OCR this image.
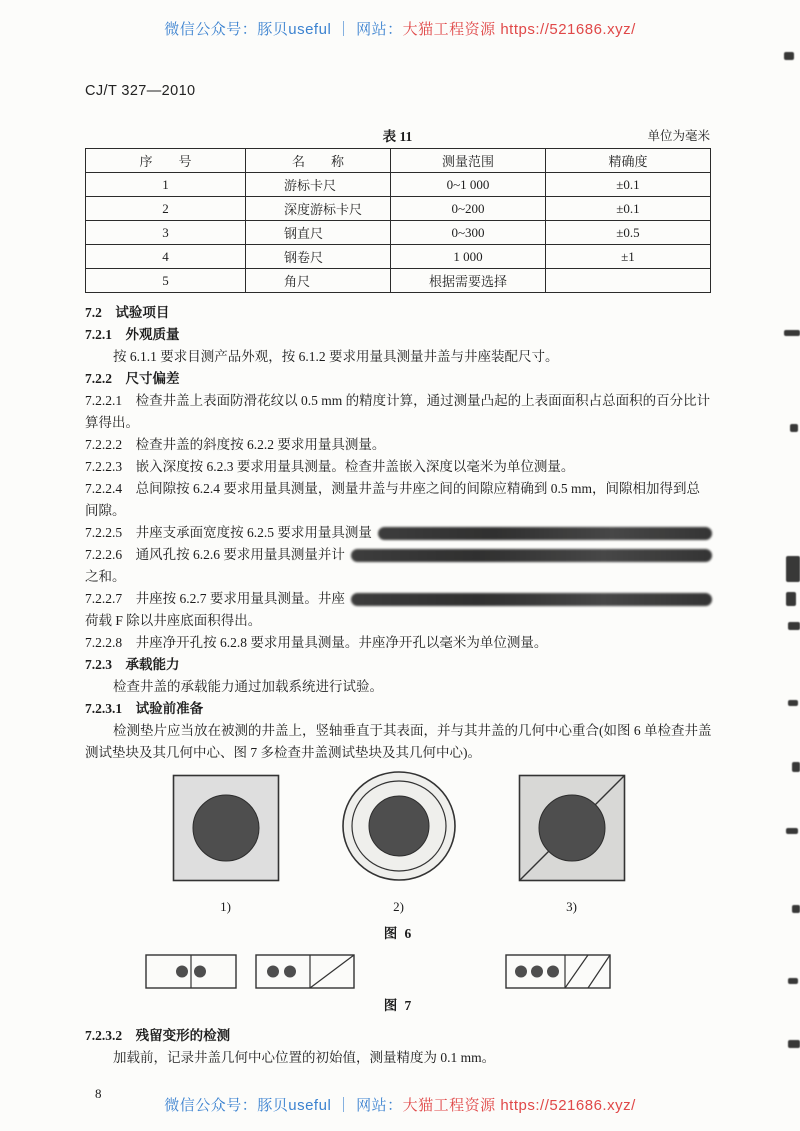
微信公众号：豚贝useful ｜ 网站：大猫工程资源 https://521686.xyz/
CJ/T 327—2010
表 11	单位为毫米
序　　号	名　　称	测量范围	精确度
1	游标卡尺	0~1 000	±0.1
2	深度游标卡尺	0~200	±0.1
3	钢直尺	0~300	±0.5
4	钢卷尺	1 000	±1
5	角尺	根据需要选择	
7.2　试验项目
7.2.1　外观质量
按 6.1.1 要求目测产品外观，按 6.1.2 要求用量具测量井盖与井座装配尺寸。
7.2.2　尺寸偏差
7.2.2.1　检查井盖上表面防滑花纹以 0.5 mm 的精度计算，通过测量凸起的上表面面积占总面积的百分比计算得出。
7.2.2.2　检查井盖的斜度按 6.2.2 要求用量具测量。
7.2.2.3　嵌入深度按 6.2.3 要求用量具测量。检查井盖嵌入深度以毫米为单位测量。
7.2.2.4　总间隙按 6.2.4 要求用量具测量，测量井盖与井座之间的间隙应精确到 0.5 mm，间隙相加得到总间隙。
7.2.2.5　井座支承面宽度按 6.2.5 要求用量具测量
7.2.2.6　通风孔按 6.2.6 要求用量具测量并计
之和。
7.2.2.7　井座按 6.2.7 要求用量具测量。井座
荷载 F 除以井座底面积得出。
7.2.2.8　井座净开孔按 6.2.8 要求用量具测量。井座净开孔以毫米为单位测量。
7.2.3　承载能力
检查井盖的承载能力通过加载系统进行试验。
7.2.3.1　试验前准备
检测垫片应当放在被测的井盖上，竖轴垂直于其表面，并与其井盖的几何中心重合(如图 6 单检查井盖测试垫块及其几何中心、图 7 多检查井盖测试垫块及其几何中心)。
1)	2)	3)
图 6
图 7
7.2.3.2　残留变形的检测
加载前，记录井盖几何中心位置的初始值，测量精度为 0.1 mm。
8
微信公众号：豚贝useful ｜ 网站：大猫工程资源 https://521686.xyz/
